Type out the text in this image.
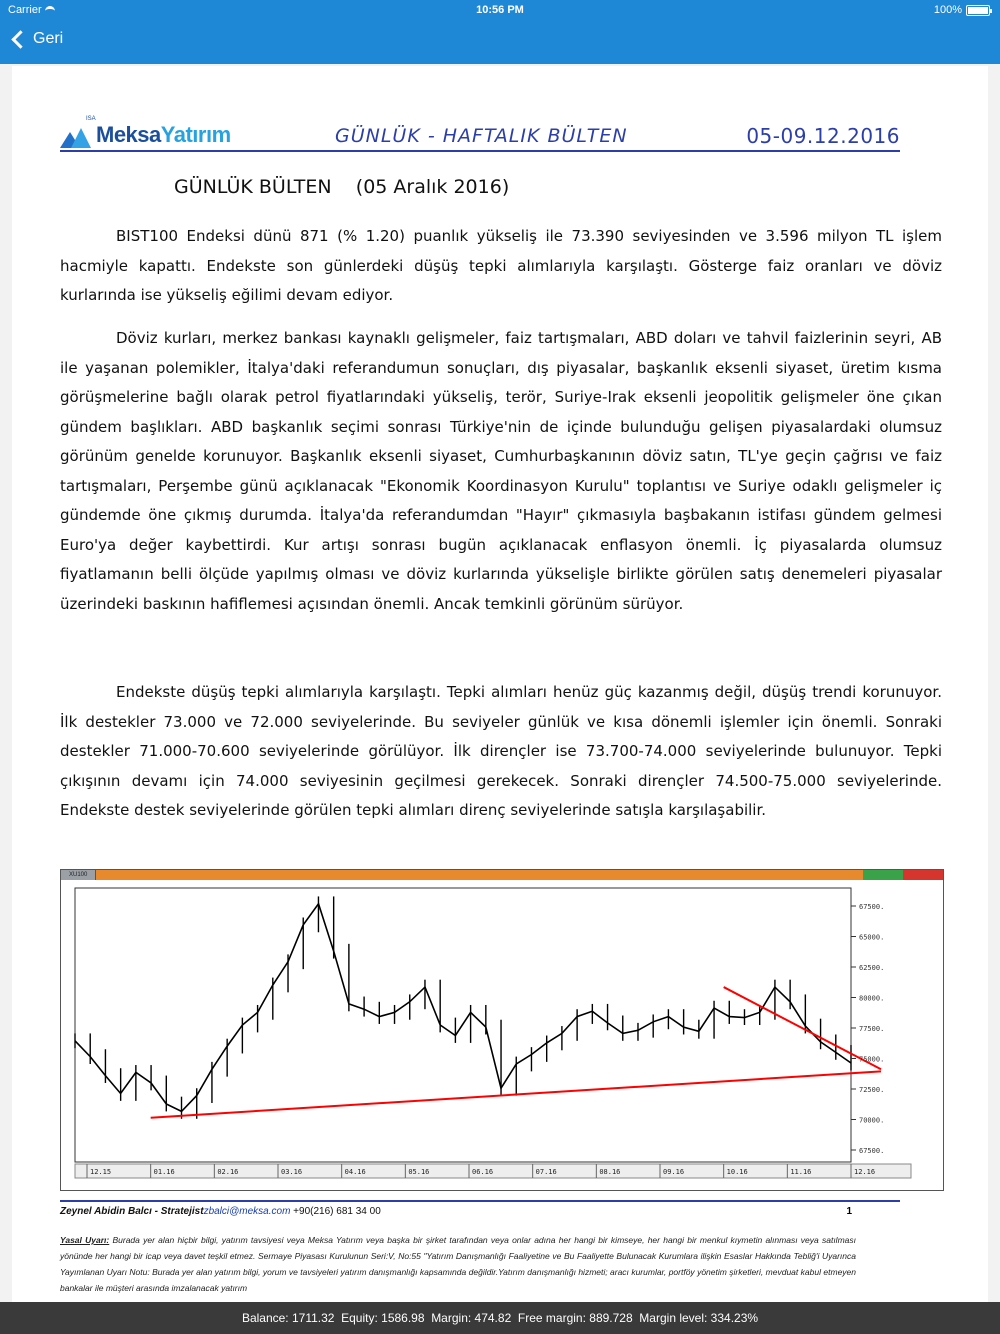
Carrier	10:56 PM	100%
Geri
ISA
MeksaYatırım	GÜNLÜK - HAFTALIK BÜLTEN	05-09.12.2016
GÜNLÜK BÜLTEN    (05 Aralık 2016)

BIST100 Endeksi dünü 871 (% 1.20) puanlık yükseliş ile 73.390 seviyesinden ve 3.596 milyon TL işlem hacmiyle kapattı. Endekste son günlerdeki düşüş tepki alımlarıyla karşılaştı. Gösterge faiz oranları ve döviz kurlarında ise yükseliş eğilimi devam ediyor.

Döviz kurları, merkez bankası kaynaklı gelişmeler, faiz tartışmaları, ABD doları ve tahvil faizlerinin seyri, AB ile yaşanan polemikler, İtalya'daki referandumun sonuçları, dış piyasalar, başkanlık eksenli siyaset, üretim kısma görüşmelerine bağlı olarak petrol fiyatlarındaki yükseliş, terör, Suriye-Irak eksenli jeopolitik gelişmeler öne çıkan gündem başlıkları. ABD başkanlık seçimi sonrası Türkiye'nin de içinde bulunduğu gelişen piyasalardaki olumsuz görünüm genelde korunuyor. Başkanlık eksenli siyaset, Cumhurbaşkanının döviz satın, TL'ye geçin çağrısı ve faiz tartışmaları, Perşembe günü açıklanacak "Ekonomik Koordinasyon Kurulu" toplantısı ve Suriye odaklı gelişmeler iç gündemde öne çıkmış durumda. İtalya'da referandumdan "Hayır" çıkmasıyla başbakanın istifası gündem gelmesi Euro'ya değer kaybettirdi. Kur artışı sonrası bugün açıklanacak enflasyon önemli. İç piyasalarda olumsuz fiyatlamanın belli ölçüde yapılmış olması ve döviz kurlarında yükselişle birlikte görülen satış denemeleri piyasalar üzerindeki baskının hafiflemesi açısından önemli. Ancak temkinli görünüm sürüyor.

Endekste düşüş tepki alımlarıyla karşılaştı. Tepki alımları henüz güç kazanmış değil, düşüş trendi korunuyor. İlk destekler 73.000 ve 72.000 seviyelerinde. Bu seviyeler günlük ve kısa dönemli işlemler için önemli. Sonraki destekler 71.000-70.600 seviyelerinde görülüyor. İlk dirençler ise 73.700-74.000 seviyelerinde bulunuyor. Tepki çıkışının devamı için 74.000 seviyesinin geçilmesi gerekecek. Sonraki dirençler 74.500-75.000 seviyelerinde. Endekste destek seviyelerinde görülen tepki alımları direnç seviyelerinde satışla karşılaşabilir.

XU100
67500.
65000.
62500.
80000.
77500.
75000.
72500.
70000.
67500.
12.15	01.16	02.16	03.16	04.16	05.16	06.16	07.16	08.16	09.16	10.16	11.16	12.16
Zeynel Abidin Balcı - Stratejistzbalci@meksa.com +90(216) 681 34 00	1
Yasal Uyarı: Burada yer alan hiçbir bilgi, yatırım tavsiyesi veya Meksa Yatırım veya başka bir şirket tarafından veya onlar adına her hangi bir kimseye, her hangi bir menkul kıymetin alınması veya satılması yönünde her hangi bir icap veya davet teşkil etmez. Sermaye Piyasası Kurulunun Seri:V, No:55 "Yatırım Danışmanlığı Faaliyetine ve Bu Faaliyette Bulunacak Kurumlara ilişkin Esaslar Hakkında Tebliğ'i Uyarınca Yayımlanan Uyarı Notu: Burada yer alan yatırım bilgi, yorum ve tavsiyeleri yatırım danışmanlığı kapsamında değildir.Yatırım danışmanlığı hizmeti; aracı kurumlar, portföy yönetim şirketleri, mevduat kabul etmeyen bankalar ile müşteri arasında imzalanacak yatırım
Balance: 1711.32  Equity: 1586.98  Margin: 474.82  Free margin: 889.728  Margin level: 334.23%
